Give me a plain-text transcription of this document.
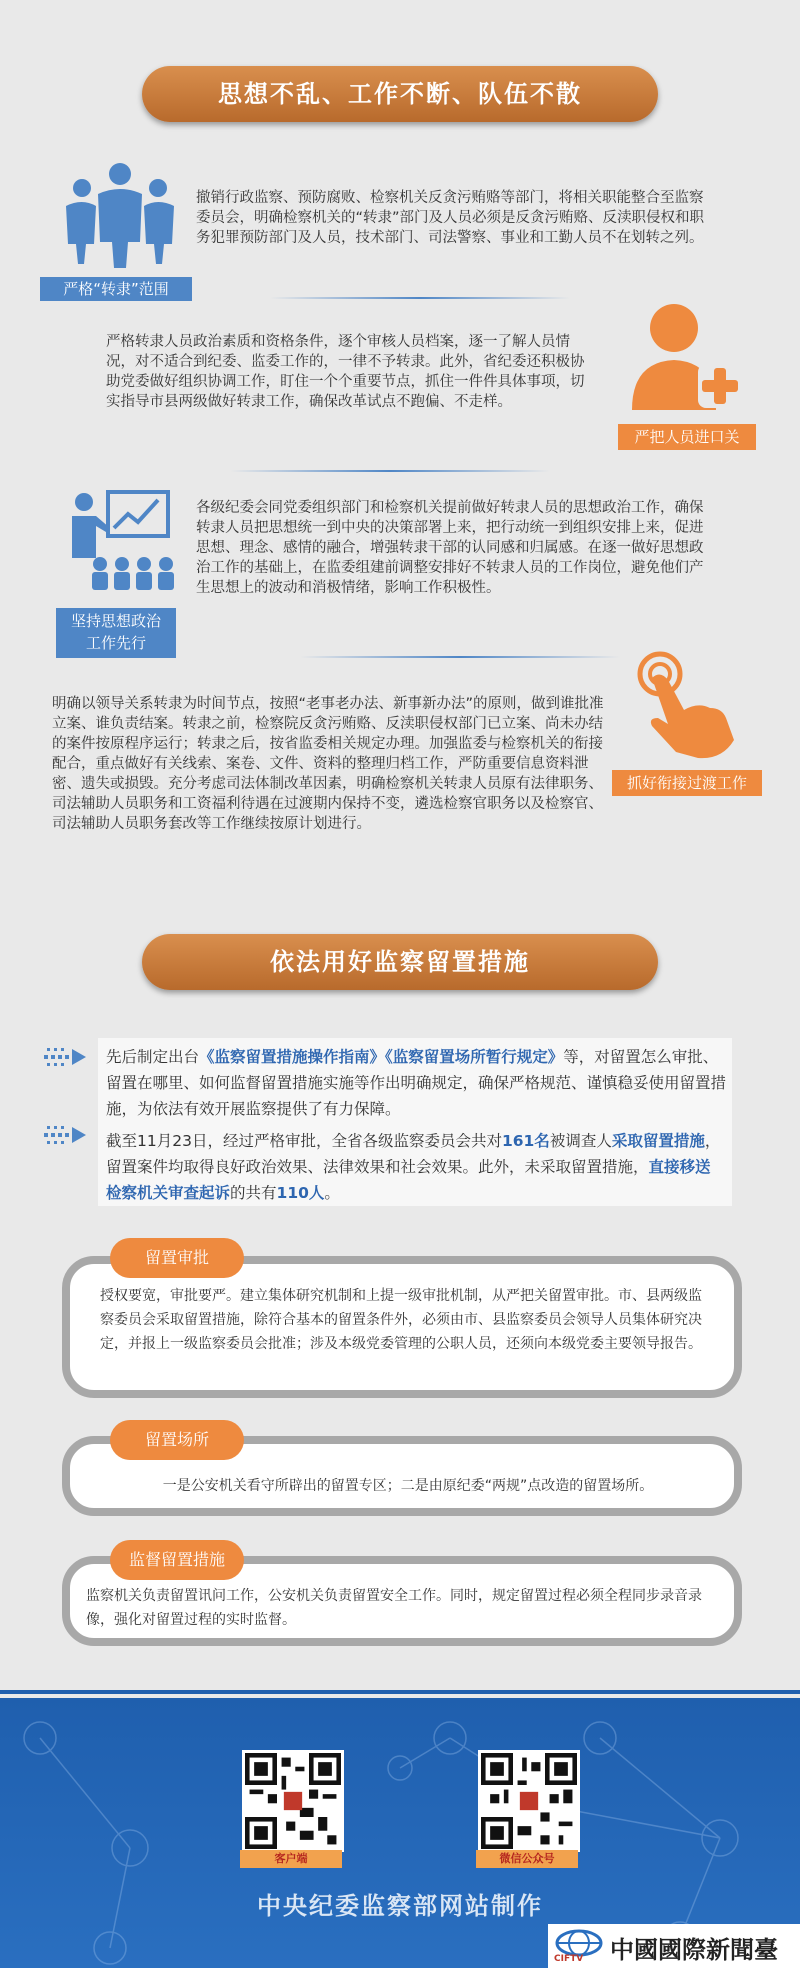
思想不乱、工作不断、队伍不散
严格“转隶”范围
撤销行政监察、预防腐败、检察机关反贪污贿赂等部门，将相关职能整合至监察委员会，明确检察机关的“转隶”部门及人员必须是反贪污贿赂、反渎职侵权和职务犯罪预防部门及人员，技术部门、司法警察、事业和工勤人员不在划转之列。
严格转隶人员政治素质和资格条件，逐个审核人员档案，逐一了解人员情况，对不适合到纪委、监委工作的，一律不予转隶。此外，省纪委还积极协助党委做好组织协调工作，盯住一个个重要节点，抓住一件件具体事项，切实指导市县两级做好转隶工作，确保改革试点不跑偏、不走样。
严把人员进口关
坚持思想政治
工作先行
各级纪委会同党委组织部门和检察机关提前做好转隶人员的思想政治工作，确保转隶人员把思想统一到中央的决策部署上来，把行动统一到组织安排上来，促进思想、理念、感情的融合，增强转隶干部的认同感和归属感。在逐一做好思想政治工作的基础上，在监委组建前调整安排好不转隶人员的工作岗位，避免他们产生思想上的波动和消极情绪，影响工作积极性。
明确以领导关系转隶为时间节点，按照“老事老办法、新事新办法”的原则，做到谁批准立案、谁负责结案。转隶之前，检察院反贪污贿赂、反渎职侵权部门已立案、尚未办结的案件按原程序运行；转隶之后，按省监委相关规定办理。加强监委与检察机关的衔接配合，重点做好有关线索、案卷、文件、资料的整理归档工作，严防重要信息资料泄密、遗失或损毁。充分考虑司法体制改革因素，明确检察机关转隶人员原有法律职务、司法辅助人员职务和工资福利待遇在过渡期内保持不变，遴选检察官职务以及检察官、司法辅助人员职务套改等工作继续按原计划进行。
抓好衔接过渡工作
依法用好监察留置措施
先后制定出台《监察留置措施操作指南》《监察留置场所暂行规定》等，对留置怎么审批、留置在哪里、如何监督留置措施实施等作出明确规定，确保严格规范、谨慎稳妥使用留置措施，为依法有效开展监察提供了有力保障。
截至11月23日，经过严格审批，全省各级监察委员会共对161名被调查人采取留置措施，留置案件均取得良好政治效果、法律效果和社会效果。此外，未采取留置措施，直接移送检察机关审查起诉的共有110人。
留置审批
授权要宽，审批要严。建立集体研究机制和上提一级审批机制，从严把关留置审批。市、县两级监察委员会采取留置措施，除符合基本的留置条件外，必须由市、县监察委员会领导人员集体研究决定，并报上一级监察委员会批准；涉及本级党委管理的公职人员，还须向本级党委主要领导报告。
留置场所
一是公安机关看守所辟出的留置专区；二是由原纪委“两规”点改造的留置场所。
监督留置措施
监察机关负责留置讯问工作，公安机关负责留置安全工作。同时，规定留置过程必须全程同步录音录像，强化对留置过程的实时监督。
客户端	微信公众号
中央纪委监察部网站制作
CIFTV 中國國際新聞臺
